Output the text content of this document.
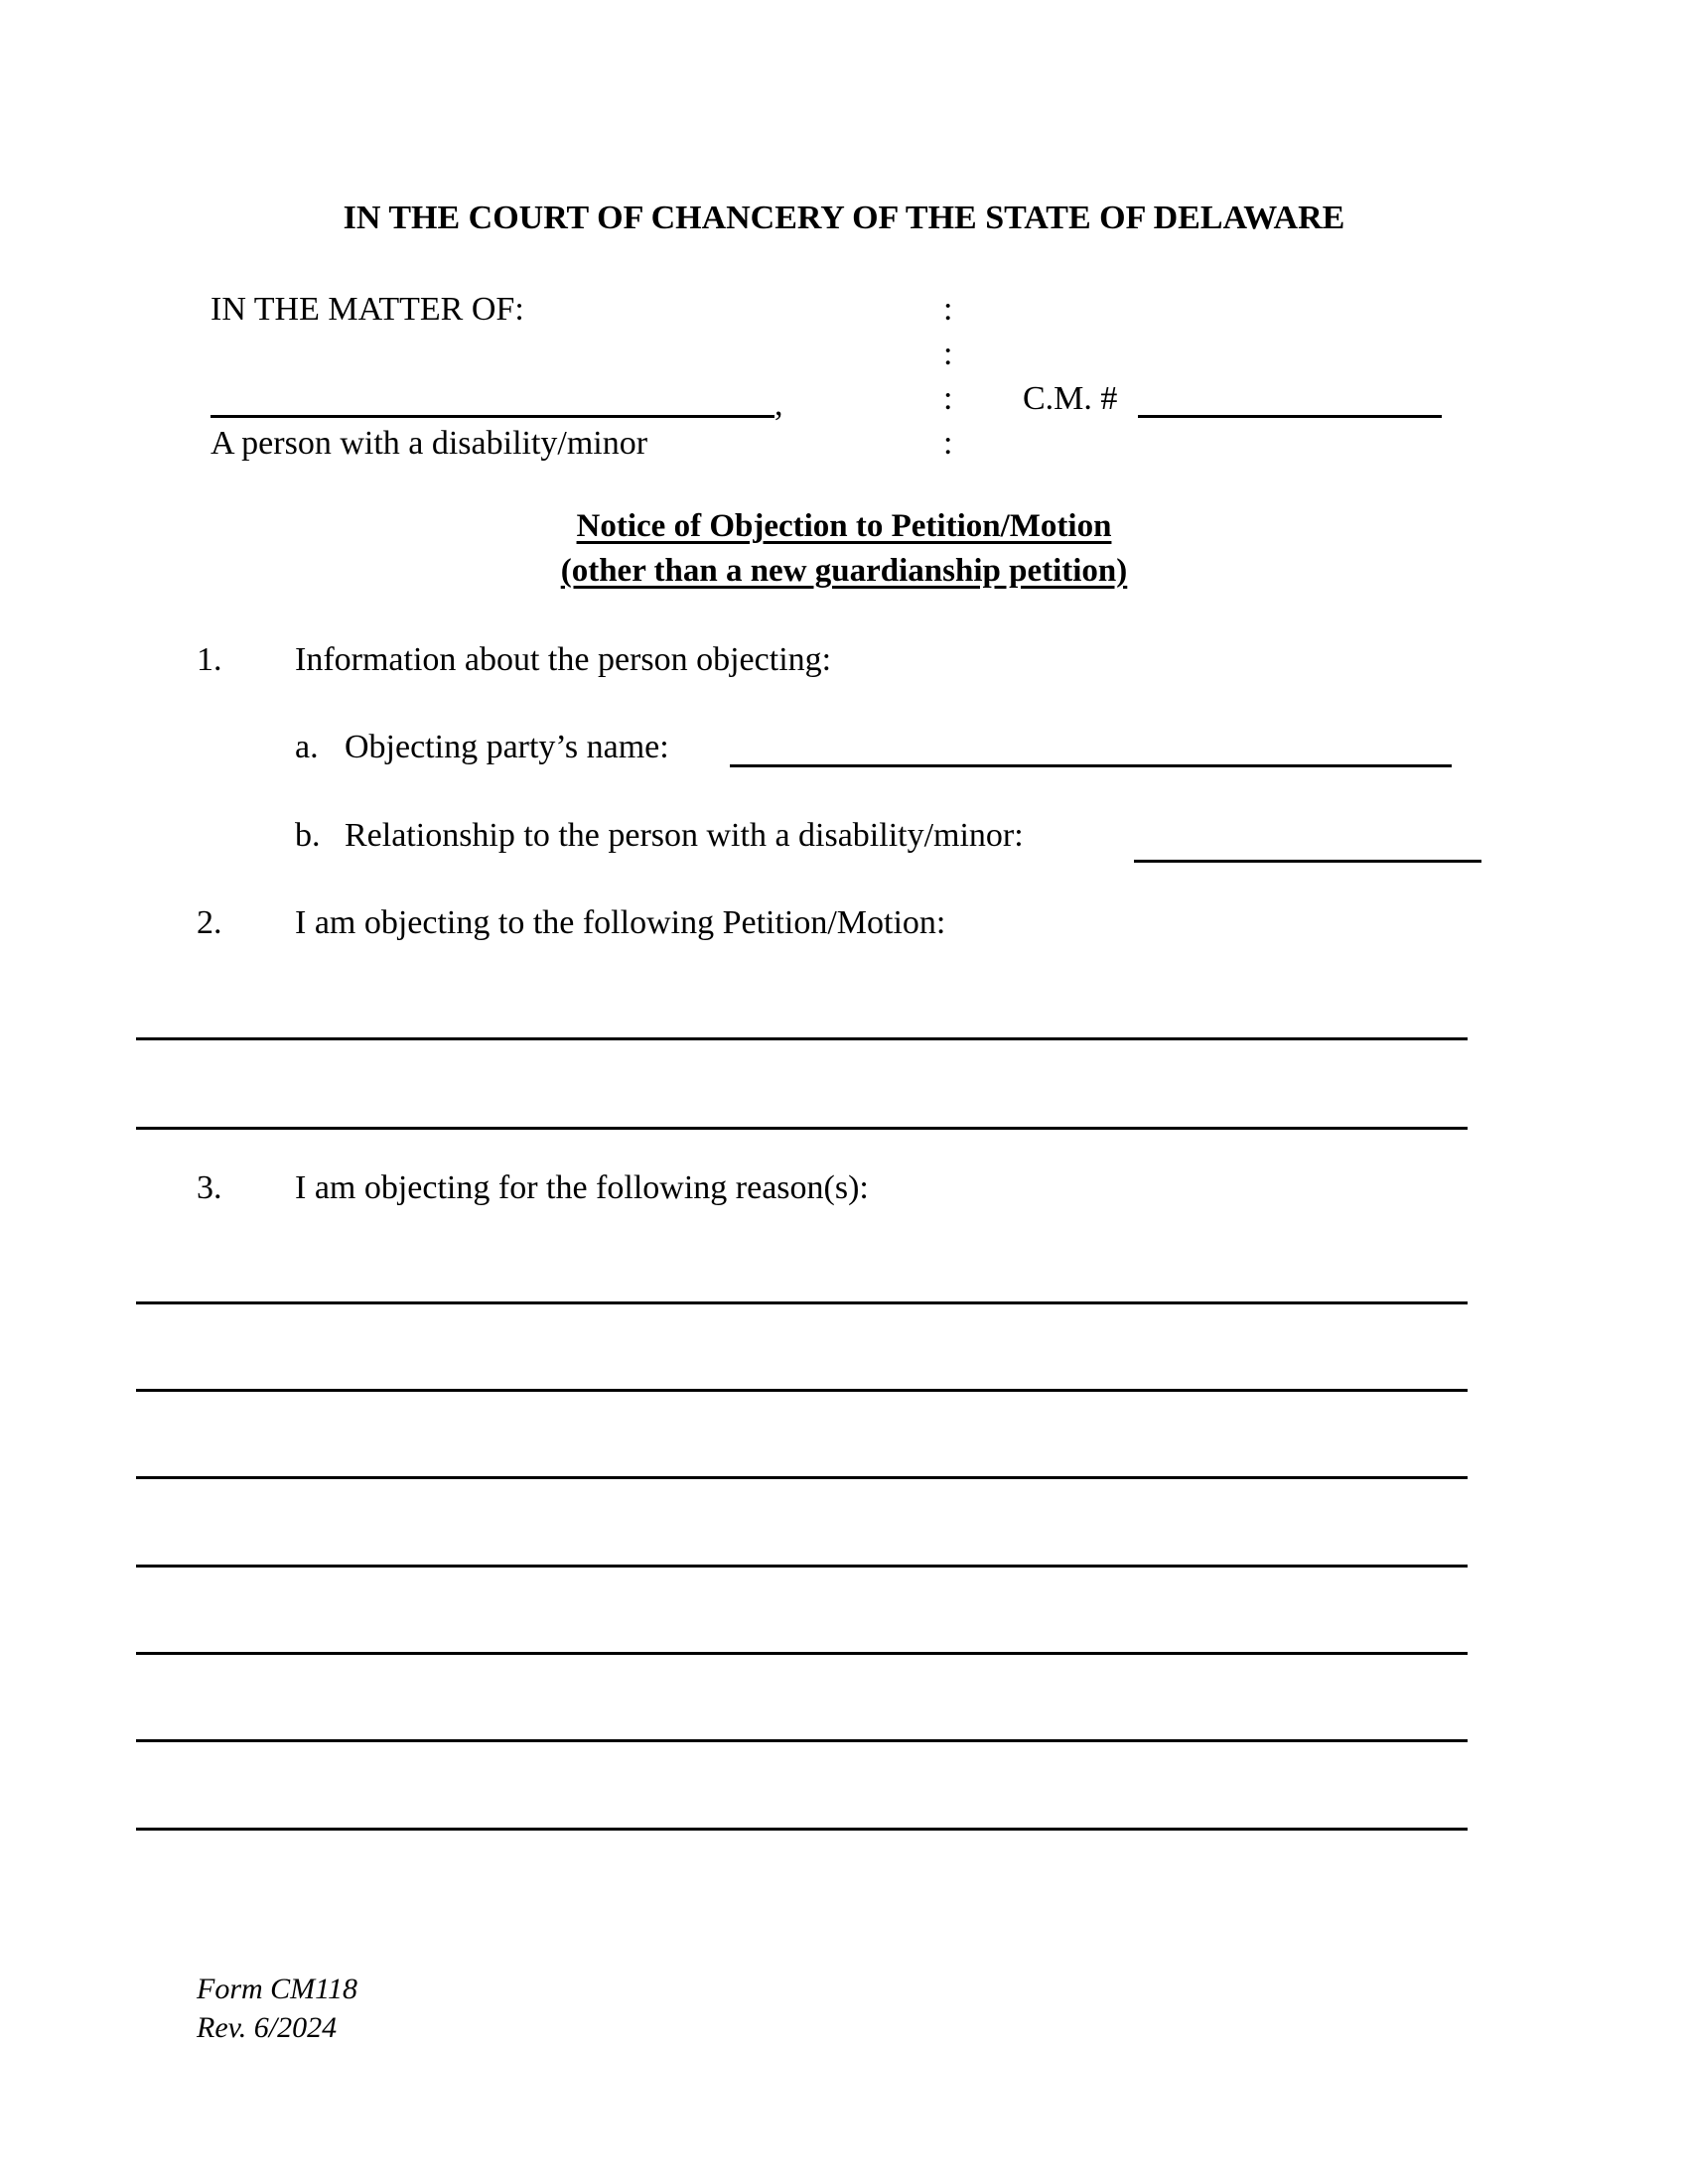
IN THE COURT OF CHANCERY OF THE STATE OF DELAWARE
IN THE MATTER OF:	:
:
:
:
,
A person with a disability/minor
C.M. #
Notice of Objection to Petition/Motion
(other than a new guardianship petition)
1. Information about the person objecting:
a. Objecting party’s name:
b. Relationship to the person with a disability/minor:
2. I am objecting to the following Petition/Motion:
3. I am objecting for the following reason(s):
Form CM118
Rev. 6/2024
